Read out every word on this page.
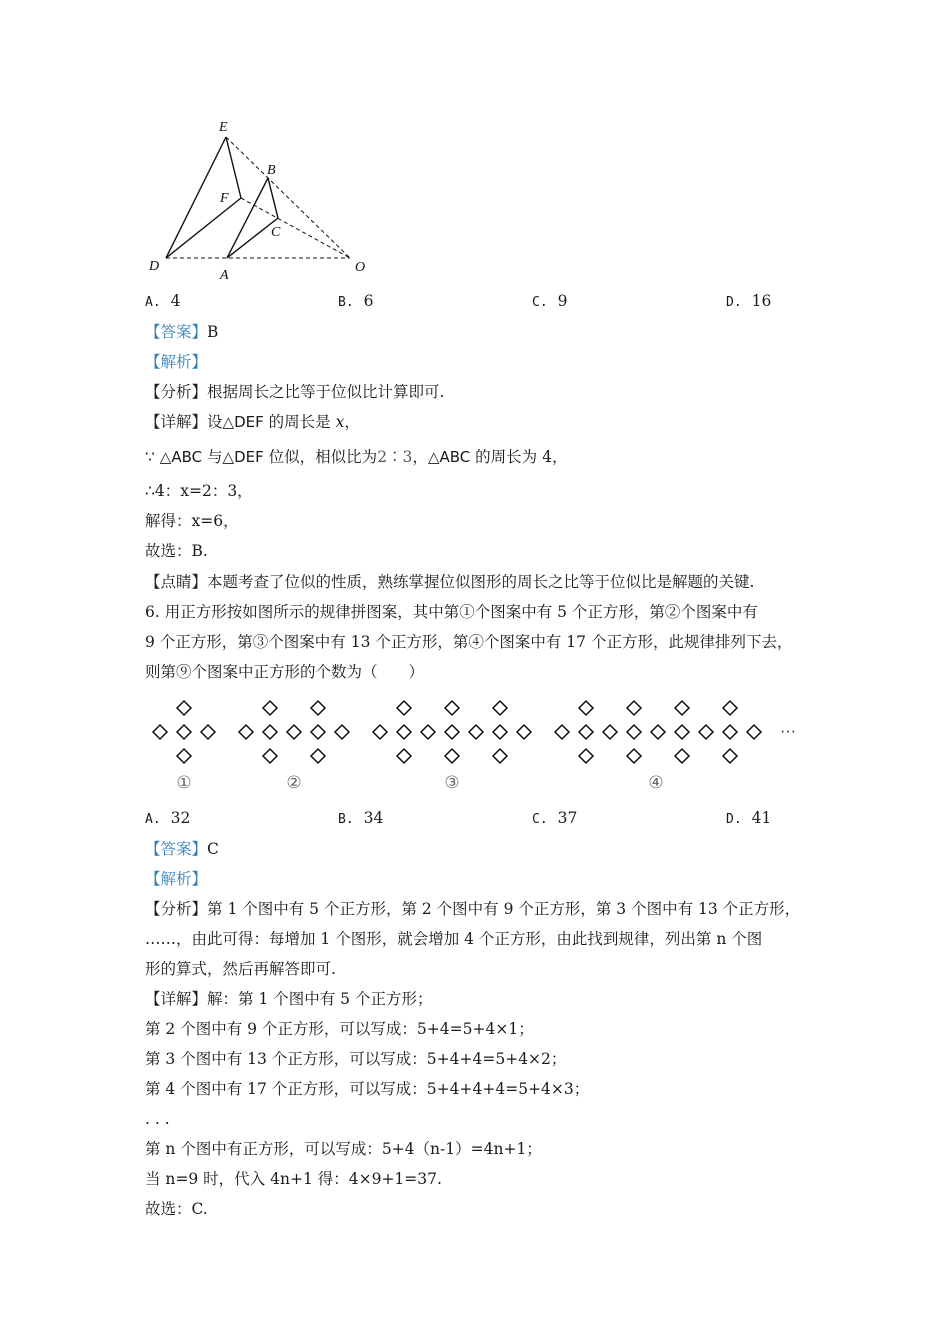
E
B
F
C
D
A
O
A. 4	B. 6	C. 9	D. 16
【答案】B
【解析】
【分析】根据周长之比等于位似比计算即可.
【详解】设△DEF 的周长是 x，
∵ △ABC 与△DEF 位似，相似比为2∶3，△ABC 的周长为 4，
∴4：x=2：3，
解得：x=6，
故选：B.
【点睛】本题考查了位似的性质，熟练掌握位似图形的周长之比等于位似比是解题的关键.
6. 用正方形按如图所示的规律拼图案，其中第①个图案中有 5 个正方形，第②个图案中有
9 个正方形，第③个图案中有 13 个正方形，第④个图案中有 17 个正方形，此规律排列下去，
则第⑨个图案中正方形的个数为（　　）
①	②	③	④
···
A. 32	B. 34	C. 37	D. 41
【答案】C
【解析】
【分析】第 1 个图中有 5 个正方形，第 2 个图中有 9 个正方形，第 3 个图中有 13 个正方形，
……，由此可得：每增加 1 个图形，就会增加 4 个正方形，由此找到规律，列出第 n 个图
形的算式，然后再解答即可.
【详解】解：第 1 个图中有 5 个正方形；
第 2 个图中有 9 个正方形，可以写成：5+4=5+4×1；
第 3 个图中有 13 个正方形，可以写成：5+4+4=5+4×2；
第 4 个图中有 17 个正方形，可以写成：5+4+4+4=5+4×3；
. . .
第 n 个图中有正方形，可以写成：5+4（n-1）=4n+1；
当 n=9 时，代入 4n+1 得：4×9+1=37.
故选：C.
